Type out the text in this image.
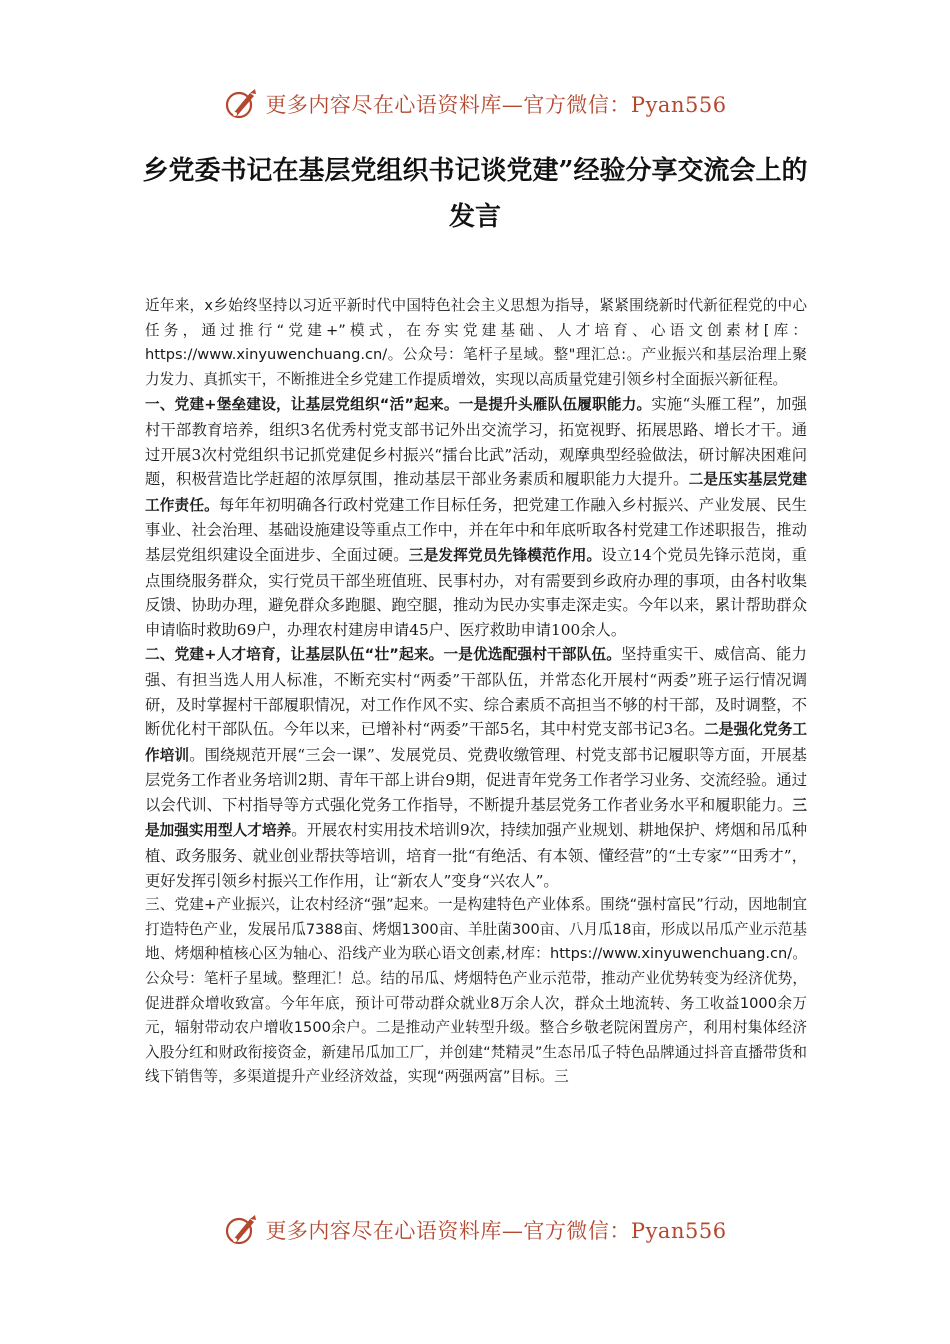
更多内容尽在心语资料库—官方微信：Pyan556
乡党委书记在基层党组织书记谈党建”经验分享交流会上的发言

近年来，x乡始终坚持以习近平新时代中国特色社会主义思想为指导，紧紧围绕新时代新征程党的中心任务，通过推行“党建+”模式，在夯实党建基础、人才培育、心语文创素材[库：https://www.xinyuwenchuang.cn/。公众号：笔杆子星域。整"理汇总:。产业振兴和基层治理上聚力发力、真抓实干，不断推进全乡党建工作提质增效，实现以高质量党建引领乡村全面振兴新征程。

一、党建+堡垒建设，让基层党组织“活”起来。一是提升头雁队伍履职能力。实施“头雁工程”，加强村干部教育培养，组织3名优秀村党支部书记外出交流学习，拓宽视野、拓展思路、增长才干。通过开展3次村党组织书记抓党建促乡村振兴“擂台比武”活动，观摩典型经验做法，研讨解决困难问题，积极营造比学赶超的浓厚氛围，推动基层干部业务素质和履职能力大提升。二是压实基层党建工作责任。每年年初明确各行政村党建工作目标任务，把党建工作融入乡村振兴、产业发展、民生事业、社会治理、基础设施建设等重点工作中，并在年中和年底听取各村党建工作述职报告，推动基层党组织建设全面进步、全面过硬。三是发挥党员先锋模范作用。设立14个党员先锋示范岗，重点围绕服务群众，实行党员干部坐班值班、民事村办，对有需要到乡政府办理的事项，由各村收集反馈、协助办理，避免群众多跑腿、跑空腿，推动为民办实事走深走实。今年以来，累计帮助群众申请临时救助69户，办理农村建房申请45户、医疗救助申请100余人。

二、党建+人才培育，让基层队伍“壮”起来。一是优选配强村干部队伍。坚持重实干、威信高、能力强、有担当选人用人标准，不断充实村“两委”干部队伍，并常态化开展村“两委”班子运行情况调研，及时掌握村干部履职情况，对工作作风不实、综合素质不高担当不够的村干部，及时调整，不断优化村干部队伍。今年以来，已增补村“两委”干部5名，其中村党支部书记3名。二是强化党务工作培训。围绕规范开展“三会一课”、发展党员、党费收缴管理、村党支部书记履职等方面，开展基层党务工作者业务培训2期、青年干部上讲台9期，促进青年党务工作者学习业务、交流经验。通过以会代训、下村指导等方式强化党务工作指导，不断提升基层党务工作者业务水平和履职能力。三是加强实用型人才培养。开展农村实用技术培训9次，持续加强产业规划、耕地保护、烤烟和吊瓜种植、政务服务、就业创业帮扶等培训，培育一批“有绝活、有本领、懂经营”的“土专家”“田秀才”，更好发挥引领乡村振兴工作作用，让“新农人”变身“兴农人”。

三、党建+产业振兴，让农村经济“强”起来。一是构建特色产业体系。围绕“强村富民”行动，因地制宜打造特色产业，发展吊瓜7388亩、烤烟1300亩、羊肚菌300亩、八月瓜18亩，形成以吊瓜产业示范基地、烤烟种植核心区为轴心、沿线产业为联心语文创素,材库：https://www.xinyuwenchuang.cn/。公众号：笔杆子星域。整理汇！总。结的吊瓜、烤烟特色产业示范带，推动产业优势转变为经济优势，促进群众增收致富。今年年底，预计可带动群众就业8万余人次，群众土地流转、务工收益1000余万元，辐射带动农户增收1500余户。二是推动产业转型升级。整合乡敬老院闲置房产，利用村集体经济入股分红和财政衔接资金，新建吊瓜加工厂，并创建“梵精灵”生态吊瓜子特色品牌通过抖音直播带货和线下销售等，多渠道提升产业经济效益，实现“两强两富”目标。三

更多内容尽在心语资料库—官方微信：Pyan556
